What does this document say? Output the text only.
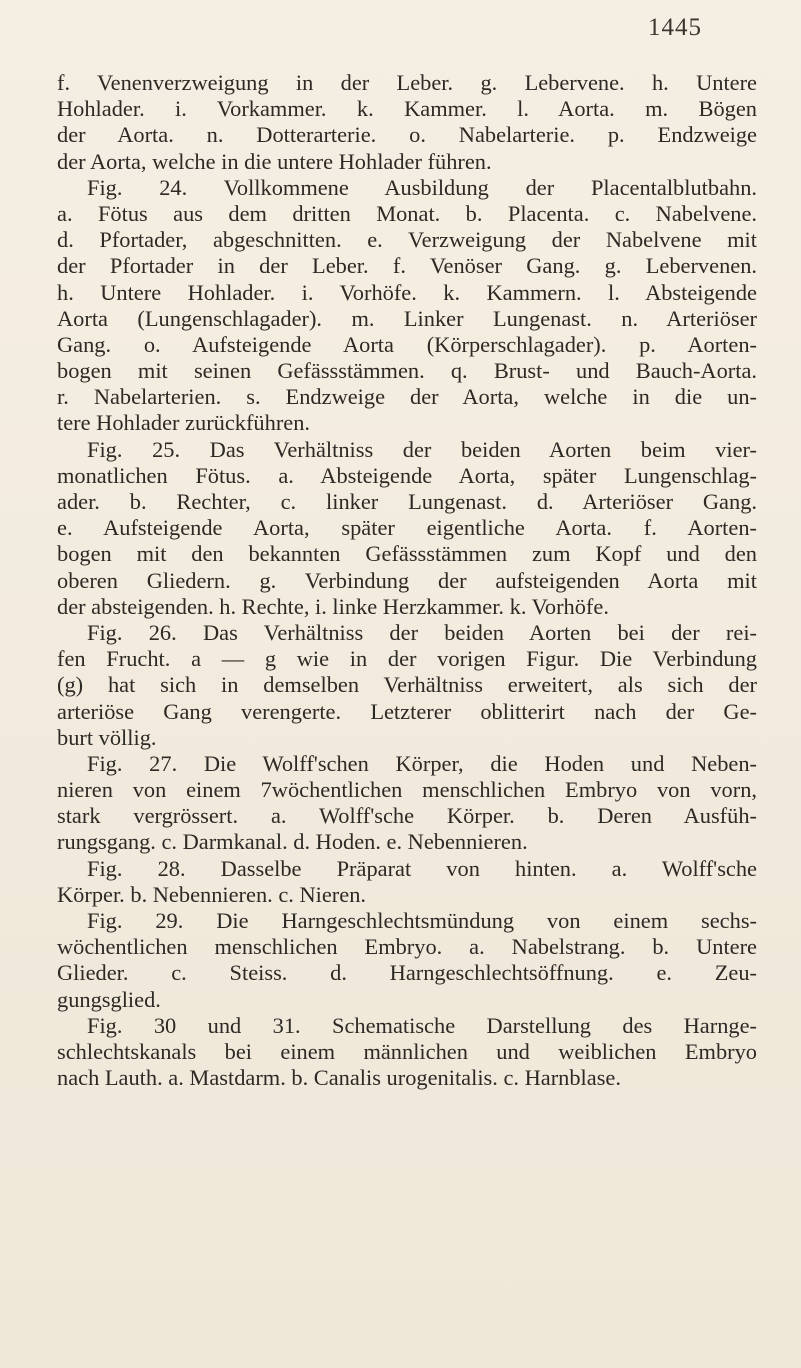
1445
f. Venenverzweigung in der Leber. g. Lebervene. h. Untere
Hohlader. i. Vorkammer. k. Kammer. l. Aorta. m. Bögen
der Aorta. n. Dotterarterie. o. Nabelarterie. p. Endzweige
der Aorta, welche in die untere Hohlader führen.
Fig. 24. Vollkommene Ausbildung der Placentalblutbahn.
a. Fötus aus dem dritten Monat. b. Placenta. c. Nabelvene.
d. Pfortader, abgeschnitten. e. Verzweigung der Nabelvene mit
der Pfortader in der Leber. f. Venöser Gang. g. Lebervenen.
h. Untere Hohlader. i. Vorhöfe. k. Kammern. l. Absteigende
Aorta (Lungenschlagader). m. Linker Lungenast. n. Arteriöser
Gang. o. Aufsteigende Aorta (Körperschlagader). p. Aorten-
bogen mit seinen Gefässstämmen. q. Brust- und Bauch-Aorta.
r. Nabelarterien. s. Endzweige der Aorta, welche in die un-
tere Hohlader zurückführen.
Fig. 25. Das Verhältniss der beiden Aorten beim vier-
monatlichen Fötus. a. Absteigende Aorta, später Lungenschlag-
ader. b. Rechter, c. linker Lungenast. d. Arteriöser Gang.
e. Aufsteigende Aorta, später eigentliche Aorta. f. Aorten-
bogen mit den bekannten Gefässstämmen zum Kopf und den
oberen Gliedern. g. Verbindung der aufsteigenden Aorta mit
der absteigenden. h. Rechte, i. linke Herzkammer. k. Vorhöfe.
Fig. 26. Das Verhältniss der beiden Aorten bei der rei-
fen Frucht. a — g wie in der vorigen Figur. Die Verbindung
(g) hat sich in demselben Verhältniss erweitert, als sich der
arteriöse Gang verengerte. Letzterer oblitterirt nach der Ge-
burt völlig.
Fig. 27. Die Wolff'schen Körper, die Hoden und Neben-
nieren von einem 7wöchentlichen menschlichen Embryo von vorn,
stark vergrössert. a. Wolff'sche Körper. b. Deren Ausfüh-
rungsgang. c. Darmkanal. d. Hoden. e. Nebennieren.
Fig. 28. Dasselbe Präparat von hinten. a. Wolff'sche
Körper. b. Nebennieren. c. Nieren.
Fig. 29. Die Harngeschlechtsmündung von einem sechs-
wöchentlichen menschlichen Embryo. a. Nabelstrang. b. Untere
Glieder. c. Steiss. d. Harngeschlechtsöffnung. e. Zeu-
gungsglied.
Fig. 30 und 31. Schematische Darstellung des Harnge-
schlechtskanals bei einem männlichen und weiblichen Embryo
nach Lauth. a. Mastdarm. b. Canalis urogenitalis. c. Harnblase.
